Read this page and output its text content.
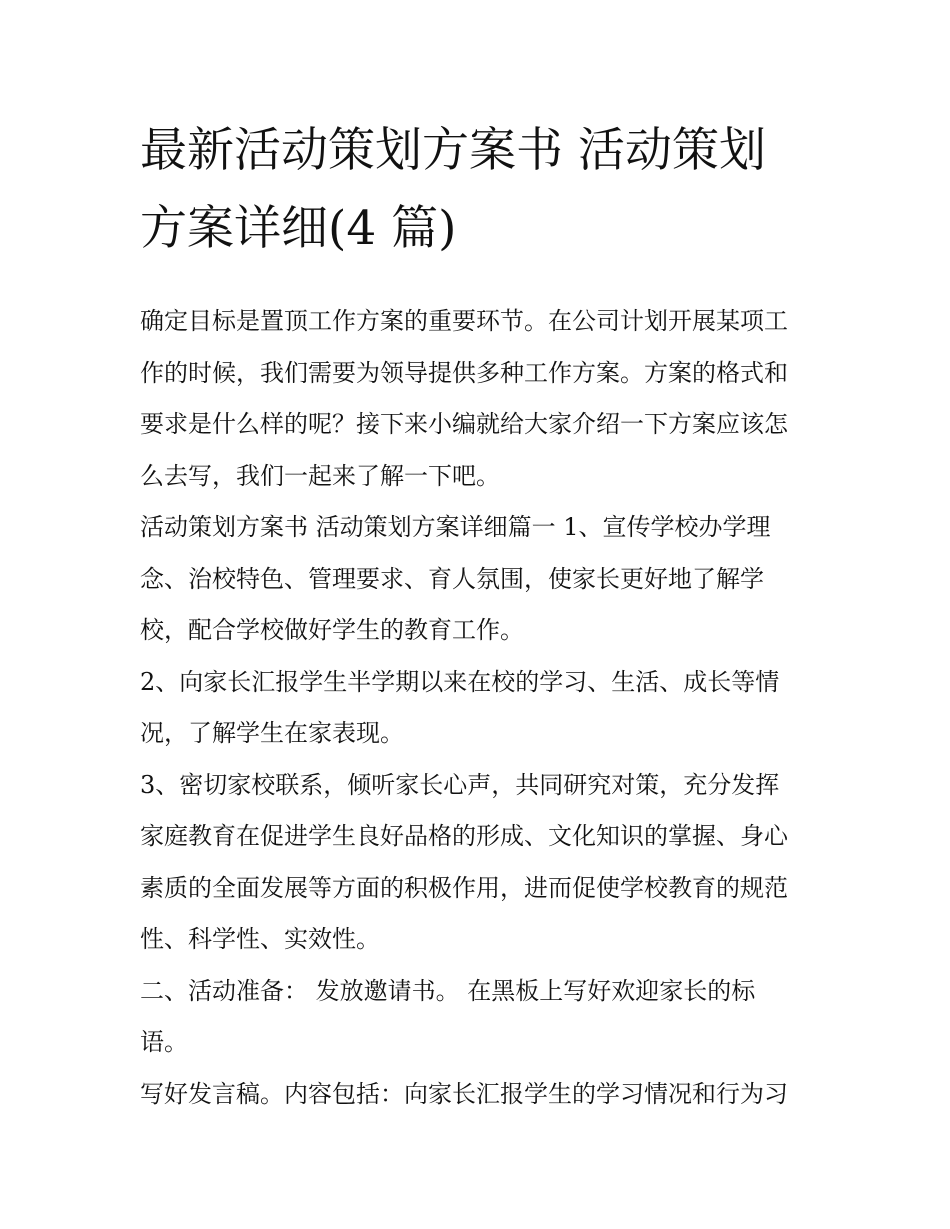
最新活动策划方案书 活动策划
方案详细(4 篇)

确定目标是置顶工作方案的重要环节。在公司计划开展某项工
作的时候，我们需要为领导提供多种工作方案。方案的格式和
要求是什么样的呢？接下来小编就给大家介绍一下方案应该怎
么去写，我们一起来了解一下吧。

活动策划方案书 活动策划方案详细篇一 1、宣传学校办学理
念、治校特色、管理要求、育人氛围，使家长更好地了解学
校，配合学校做好学生的教育工作。

2、向家长汇报学生半学期以来在校的学习、生活、成长等情
况，了解学生在家表现。

3、密切家校联系，倾听家长心声，共同研究对策，充分发挥
家庭教育在促进学生良好品格的形成、文化知识的掌握、身心
素质的全面发展等方面的积极作用，进而促使学校教育的规范
性、科学性、实效性。

二、活动准备： 发放邀请书。 在黑板上写好欢迎家长的标
语。

写好发言稿。内容包括：向家长汇报学生的学习情况和行为习
